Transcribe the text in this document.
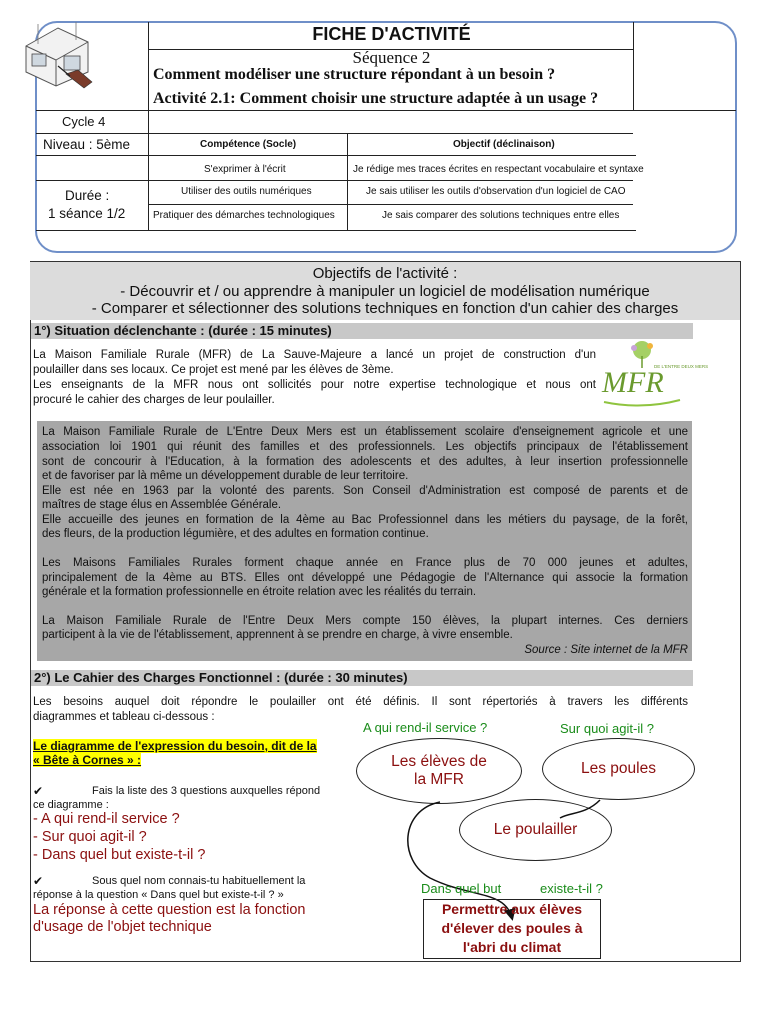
FICHE D'ACTIVITÉ
Séquence 2
Comment modéliser une structure répondant à un besoin ?
Activité 2.1: Comment choisir une structure adaptée à un usage ?
Cycle 4
Niveau : 5ème
Durée :
1 séance 1/2
Compétence (Socle)	Objectif (déclinaison)
S'exprimer à l'écrit	Je rédige mes traces écrites en respectant vocabulaire et syntaxe
Utiliser des outils numériques	Je sais utiliser les outils d'observation d'un logiciel de CAO
Pratiquer des démarches technologiques	Je sais comparer des solutions techniques entre elles
Objectifs de l'activité :
- Découvrir et / ou apprendre à manipuler un logiciel de modélisation numérique
- Comparer et sélectionner des solutions techniques en fonction d'un cahier des charges
1°) Situation déclenchante : (durée : 15 minutes)
La Maison Familiale Rurale (MFR) de La Sauve-Majeure a lancé un projet de construction d'un
poulailler dans ses locaux. Ce projet est mené par les élèves de 3ème.
Les enseignants de la MFR nous ont sollicités pour notre expertise technologique et nous ont
procuré le cahier des charges de leur poulailler.
MFR
DE L'ENTRE DEUX MERS
La Maison Familiale Rurale de L'Entre Deux Mers est un établissement scolaire d'enseignement agricole et une
association loi 1901 qui réunit des familles et des professionnels. Les objectifs principaux de l'établissement
sont de concourir à l'Education, à la formation des adolescents et des adultes, à leur insertion professionnelle
et de favoriser par là même un développement durable de leur territoire.
Elle est née en 1963 par la volonté des parents. Son Conseil d'Administration est composé de parents et de
maîtres de stage élus en Assemblée Générale.
Elle accueille des jeunes en formation de la 4ème au Bac Professionnel dans les métiers du paysage, de la forêt,
des fleurs, de la production légumière, et des adultes en formation continue.
Les Maisons Familiales Rurales forment chaque année en France plus de 70 000 jeunes et adultes,
principalement de la 4ème au BTS. Elles ont développé une Pédagogie de l'Alternance qui associe la formation
générale et la formation professionnelle en étroite relation avec les réalités du terrain.
La Maison Familiale Rurale de l'Entre Deux Mers compte 150 élèves, la plupart internes. Ces derniers
participent à la vie de l'établissement, apprennent à se prendre en charge, à vivre ensemble.
Source : Site internet de la MFR
2°) Le Cahier des Charges Fonctionnel : (durée : 30 minutes)
Les besoins auquel doit répondre le poulailler ont été définis. Il sont répertoriés à travers les différents
diagrammes et tableau ci-dessous :
Le diagramme de l'expression du besoin, dit de la
« Bête à Cornes » :
✔	Fais la liste des 3 questions auxquelles répond
ce diagramme :
- A qui rend-il service ?
- Sur quoi agit-il ?
- Dans quel but existe-t-il ?
✔	Sous quel nom connais-tu habituellement la
réponse à la question « Dans quel but existe-t-il ? »
La réponse à cette question est la fonction
d'usage de l'objet technique
A qui rend-il service ?	Sur quoi agit-il ?
Les élèves de
la MFR
Les poules
Le poulailler
Dans quel but	existe-t-il ?
Permettre aux élèves
d'élever des poules à
l'abri du climat
